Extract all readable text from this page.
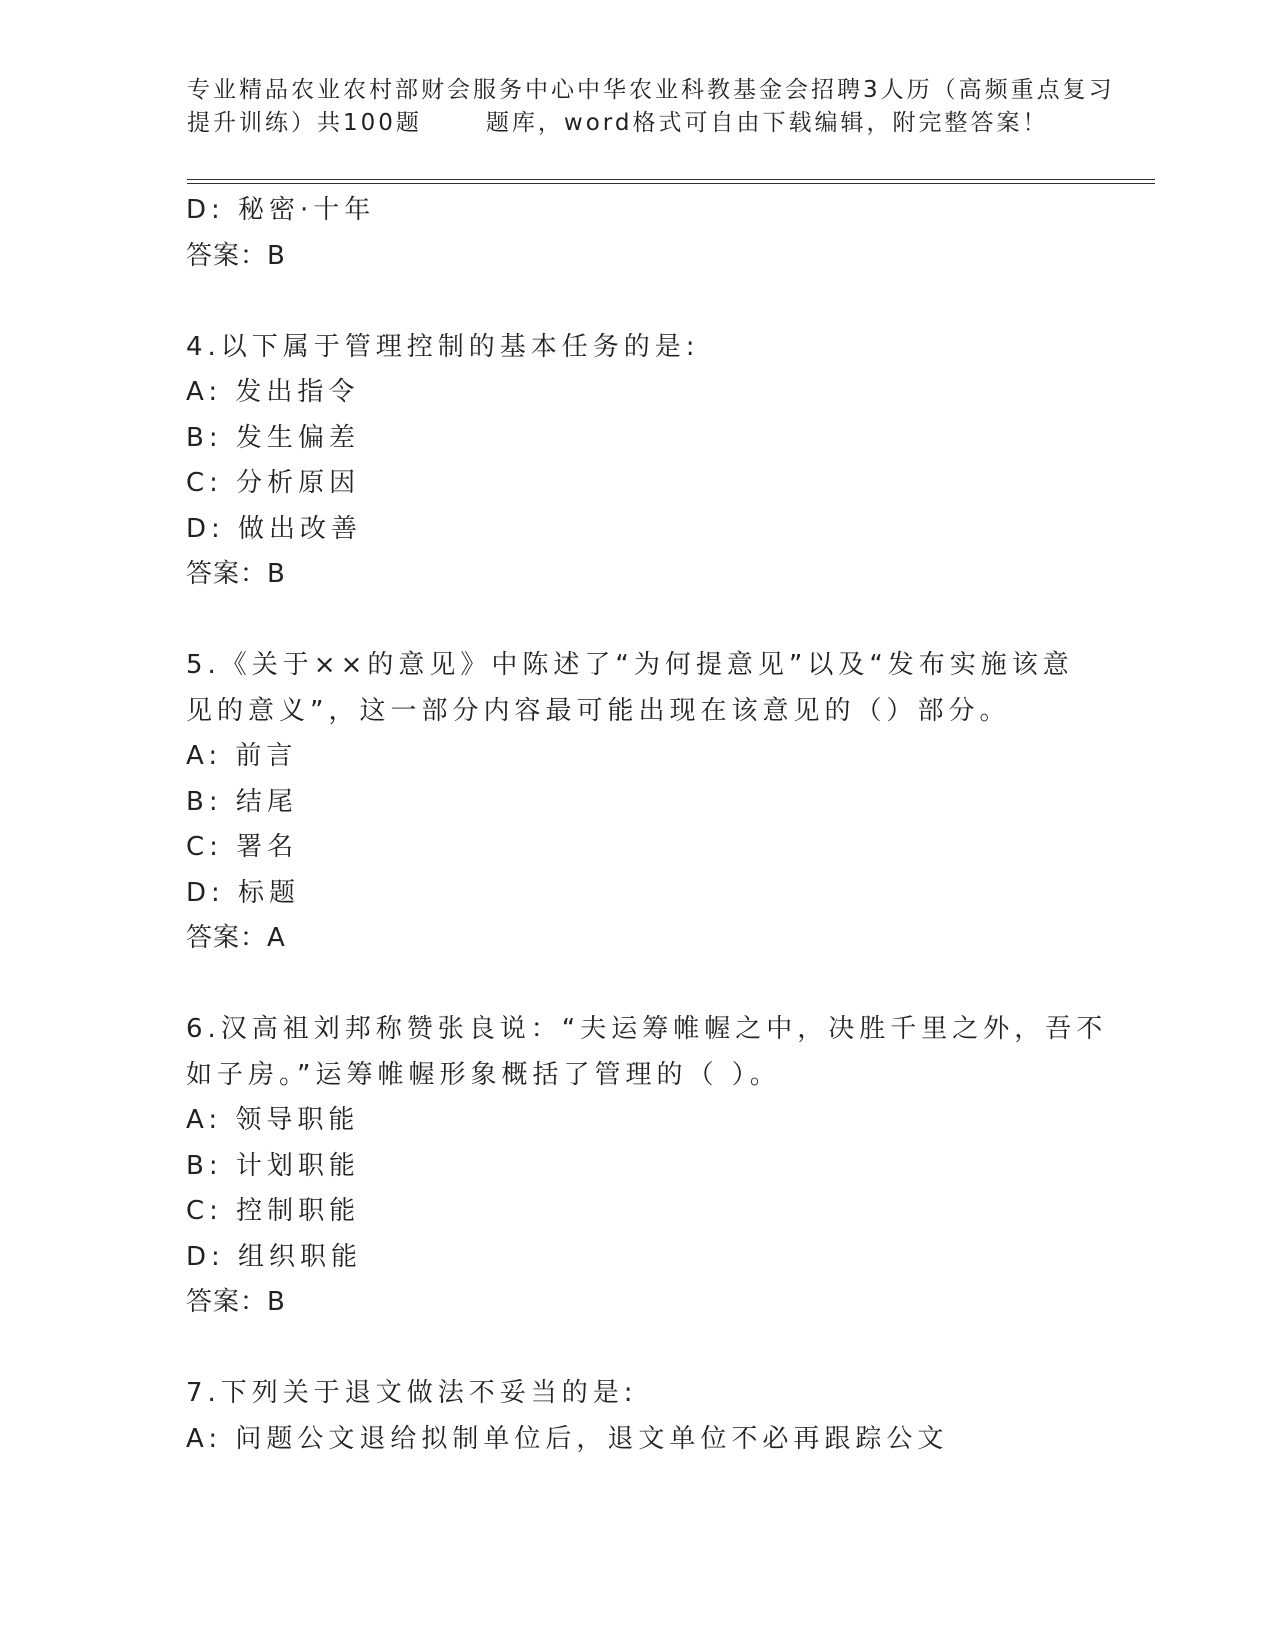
专业精品农业农村部财会服务中心中华农业科教基金会招聘3人历（高频重点复习
提升训练）共100题	题库，word格式可自由下载编辑，附完整答案！
D: 秘密·十年
答案：B
4.以下属于管理控制的基本任务的是:
A: 发出指令
B: 发生偏差
C: 分析原因
D: 做出改善
答案：B
5.《关于××的意见》中陈述了“为何提意见”以及“发布实施该意
见的意义”，这一部分内容最可能出现在该意见的（）部分。
A: 前言
B: 结尾
C: 署名
D: 标题
答案：A
6.汉高祖刘邦称赞张良说：“夫运筹帷幄之中，决胜千里之外，吾不
如子房。”运筹帷幄形象概括了管理的（ ）。
A: 领导职能
B: 计划职能
C: 控制职能
D: 组织职能
答案：B
7.下列关于退文做法不妥当的是:
A: 问题公文退给拟制单位后，退文单位不必再跟踪公文
